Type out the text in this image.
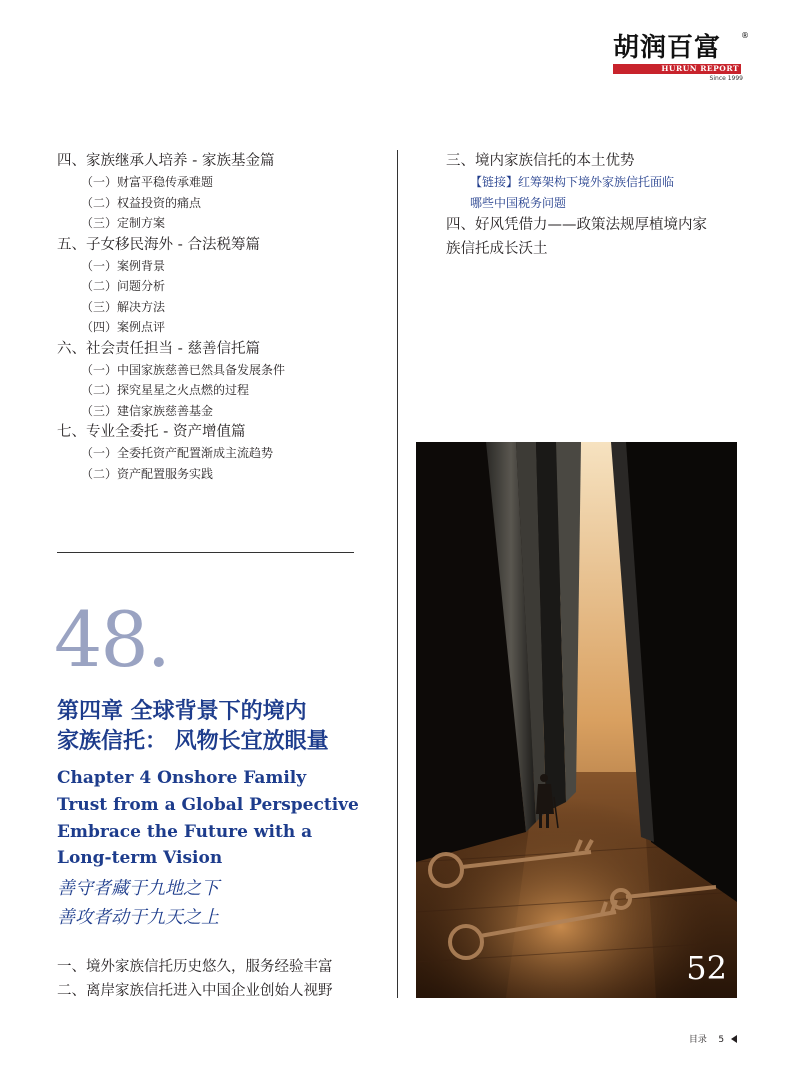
胡润百富 ®
HURUN REPORT
Since 1999
四、家族继承人培养 - 家族基金篇
（一）财富平稳传承难题
（二）权益投资的痛点
（三）定制方案
五、子女移民海外 - 合法税筹篇
（一）案例背景
（二）问题分析
（三）解决方法
（四）案例点评
六、社会责任担当 - 慈善信托篇
（一）中国家族慈善已然具备发展条件
（二）探究星星之火点燃的过程
（三）建信家族慈善基金
七、专业全委托 - 资产增值篇
（一）全委托资产配置渐成主流趋势
（二）资产配置服务实践
三、境内家族信托的本土优势
【链接】红筹架构下境外家族信托面临
哪些中国税务问题
四、好风凭借力——政策法规厚植境内家
族信托成长沃土
48.
第四章 全球背景下的境内
家族信托： 风物长宜放眼量
Chapter 4 Onshore Family
Trust from a Global Perspective
Embrace the Future with a
Long-term Vision
善守者藏于九地之下
善攻者动于九天之上
一、境外家族信托历史悠久，服务经验丰富
二、离岸家族信托进入中国企业创始人视野
52
目录 5
